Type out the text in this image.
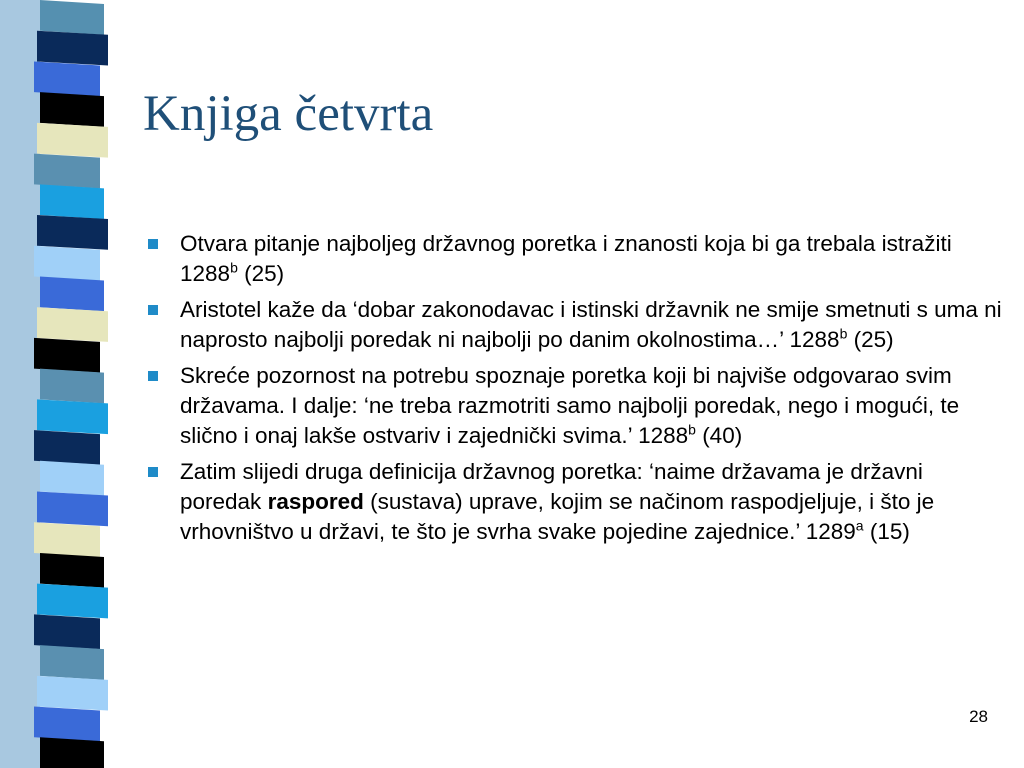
Knjiga četvrta
Otvara pitanje najboljeg državnog poretka i znanosti koja bi ga trebala istražiti 1288$^b$ (25)
Aristotel kaže da ‘dobar zakonodavac i istinski državnik ne smije smetnuti s uma ni naprosto najbolji poredak ni najbolji po danim okolnostima…’ 1288$^b$ (25)
Skreće pozornost na potrebu spoznaje poretka koji bi najviše odgovarao svim državama. I dalje: ‘ne treba razmotriti samo najbolji poredak, nego i mogući, te slično i onaj lakše ostvariv i zajednički svima.’ 1288$^b$ (40)
Zatim slijedi druga definicija državnog poretka: ‘naime državama je državni poredak raspored (sustava) uprave, kojim se načinom raspodjeljuje, i što je vrhovništvo u državi, te što je svrha svake pojedine zajednice.’ 1289$^a$ (15)
28
